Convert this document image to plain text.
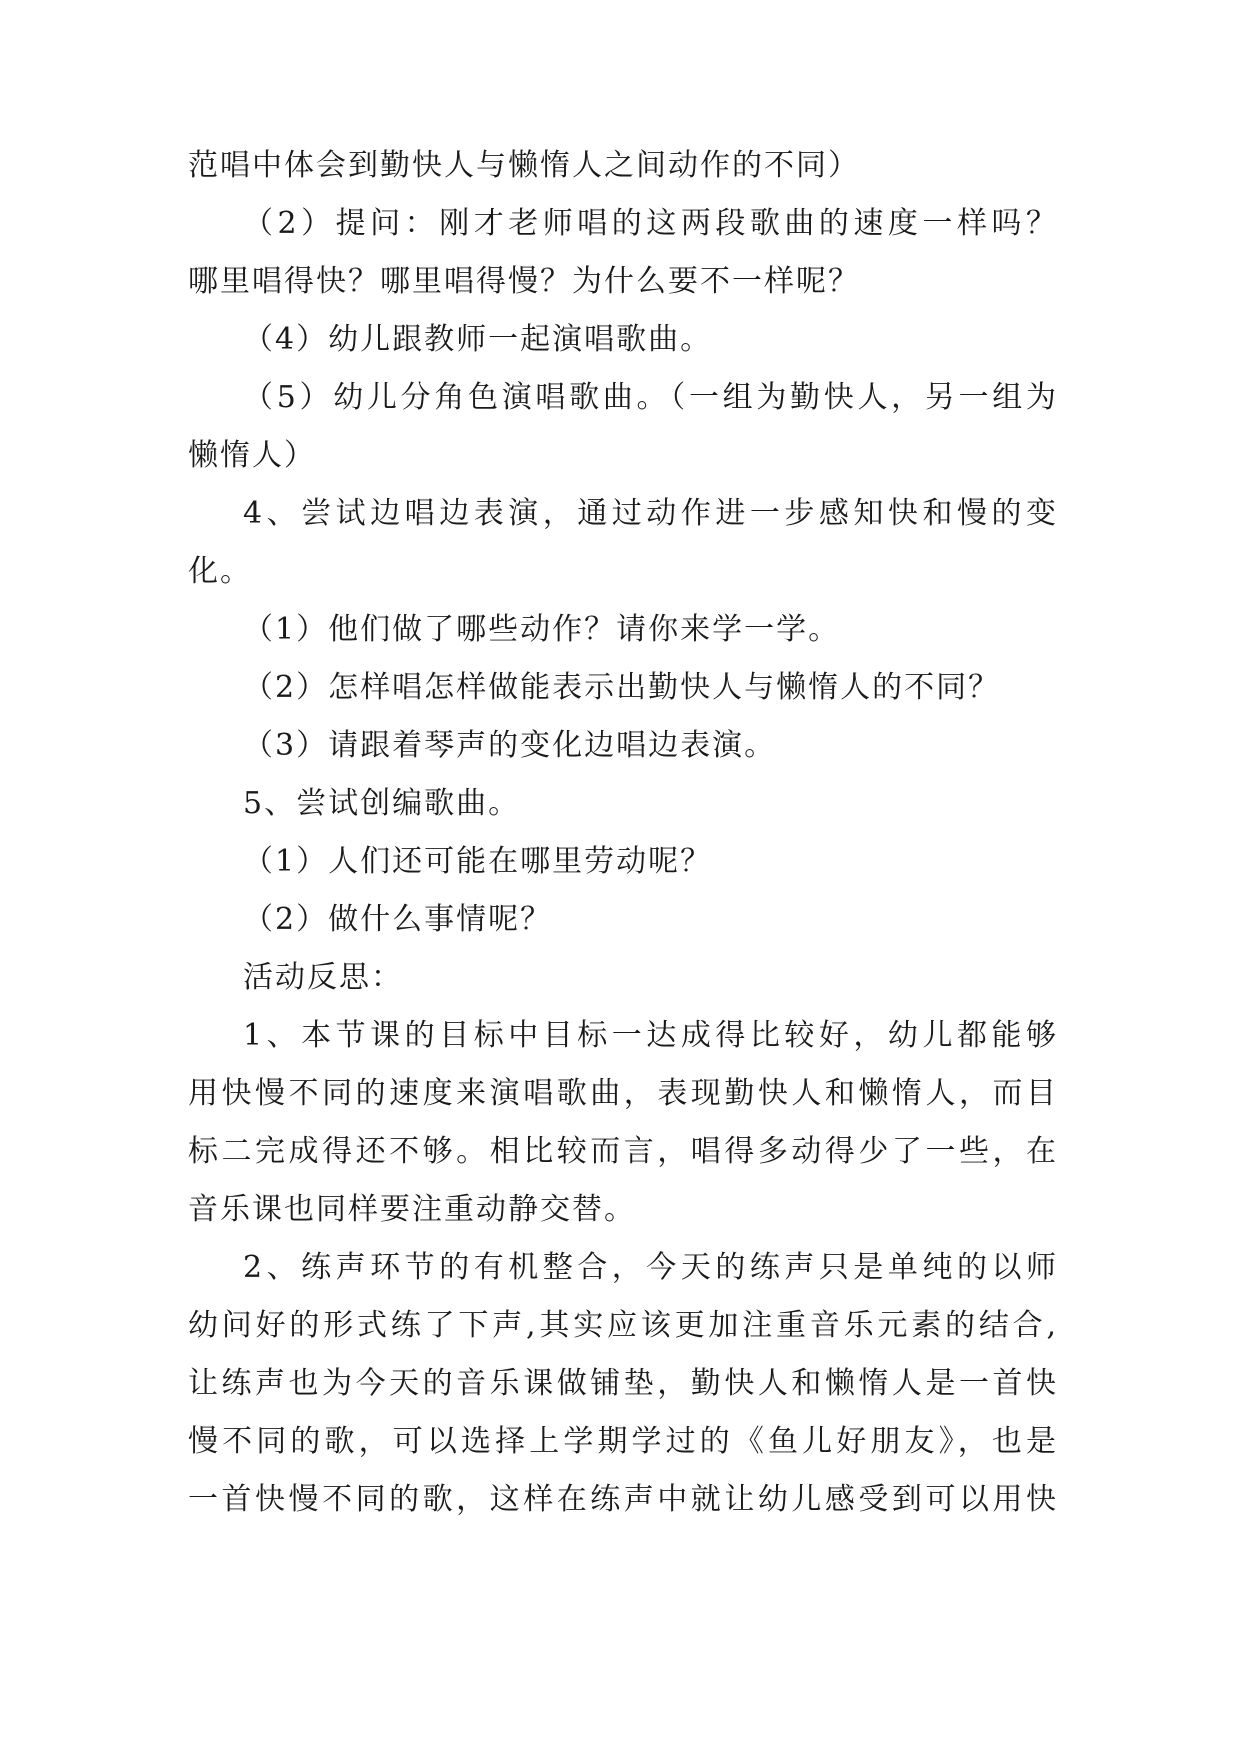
范唱中体会到勤快人与懒惰人之间动作的不同）
（2）提问：刚才老师唱的这两段歌曲的速度一样吗？
哪里唱得快？哪里唱得慢？为什么要不一样呢？
（4）幼儿跟教师一起演唱歌曲。
（5）幼儿分角色演唱歌曲。（一组为勤快人，另一组为
懒惰人）
4、尝试边唱边表演，通过动作进一步感知快和慢的变
化。
（1）他们做了哪些动作？请你来学一学。
（2）怎样唱怎样做能表示出勤快人与懒惰人的不同？
（3）请跟着琴声的变化边唱边表演。
5、尝试创编歌曲。
（1）人们还可能在哪里劳动呢？
（2）做什么事情呢？
活动反思：
1、本节课的目标中目标一达成得比较好，幼儿都能够
用快慢不同的速度来演唱歌曲，表现勤快人和懒惰人，而目
标二完成得还不够。相比较而言，唱得多动得少了一些，在
音乐课也同样要注重动静交替。
2、练声环节的有机整合，今天的练声只是单纯的以师
幼问好的形式练了下声,其实应该更加注重音乐元素的结合,
让练声也为今天的音乐课做铺垫，勤快人和懒惰人是一首快
慢不同的歌，可以选择上学期学过的《鱼儿好朋友》，也是
一首快慢不同的歌，这样在练声中就让幼儿感受到可以用快
